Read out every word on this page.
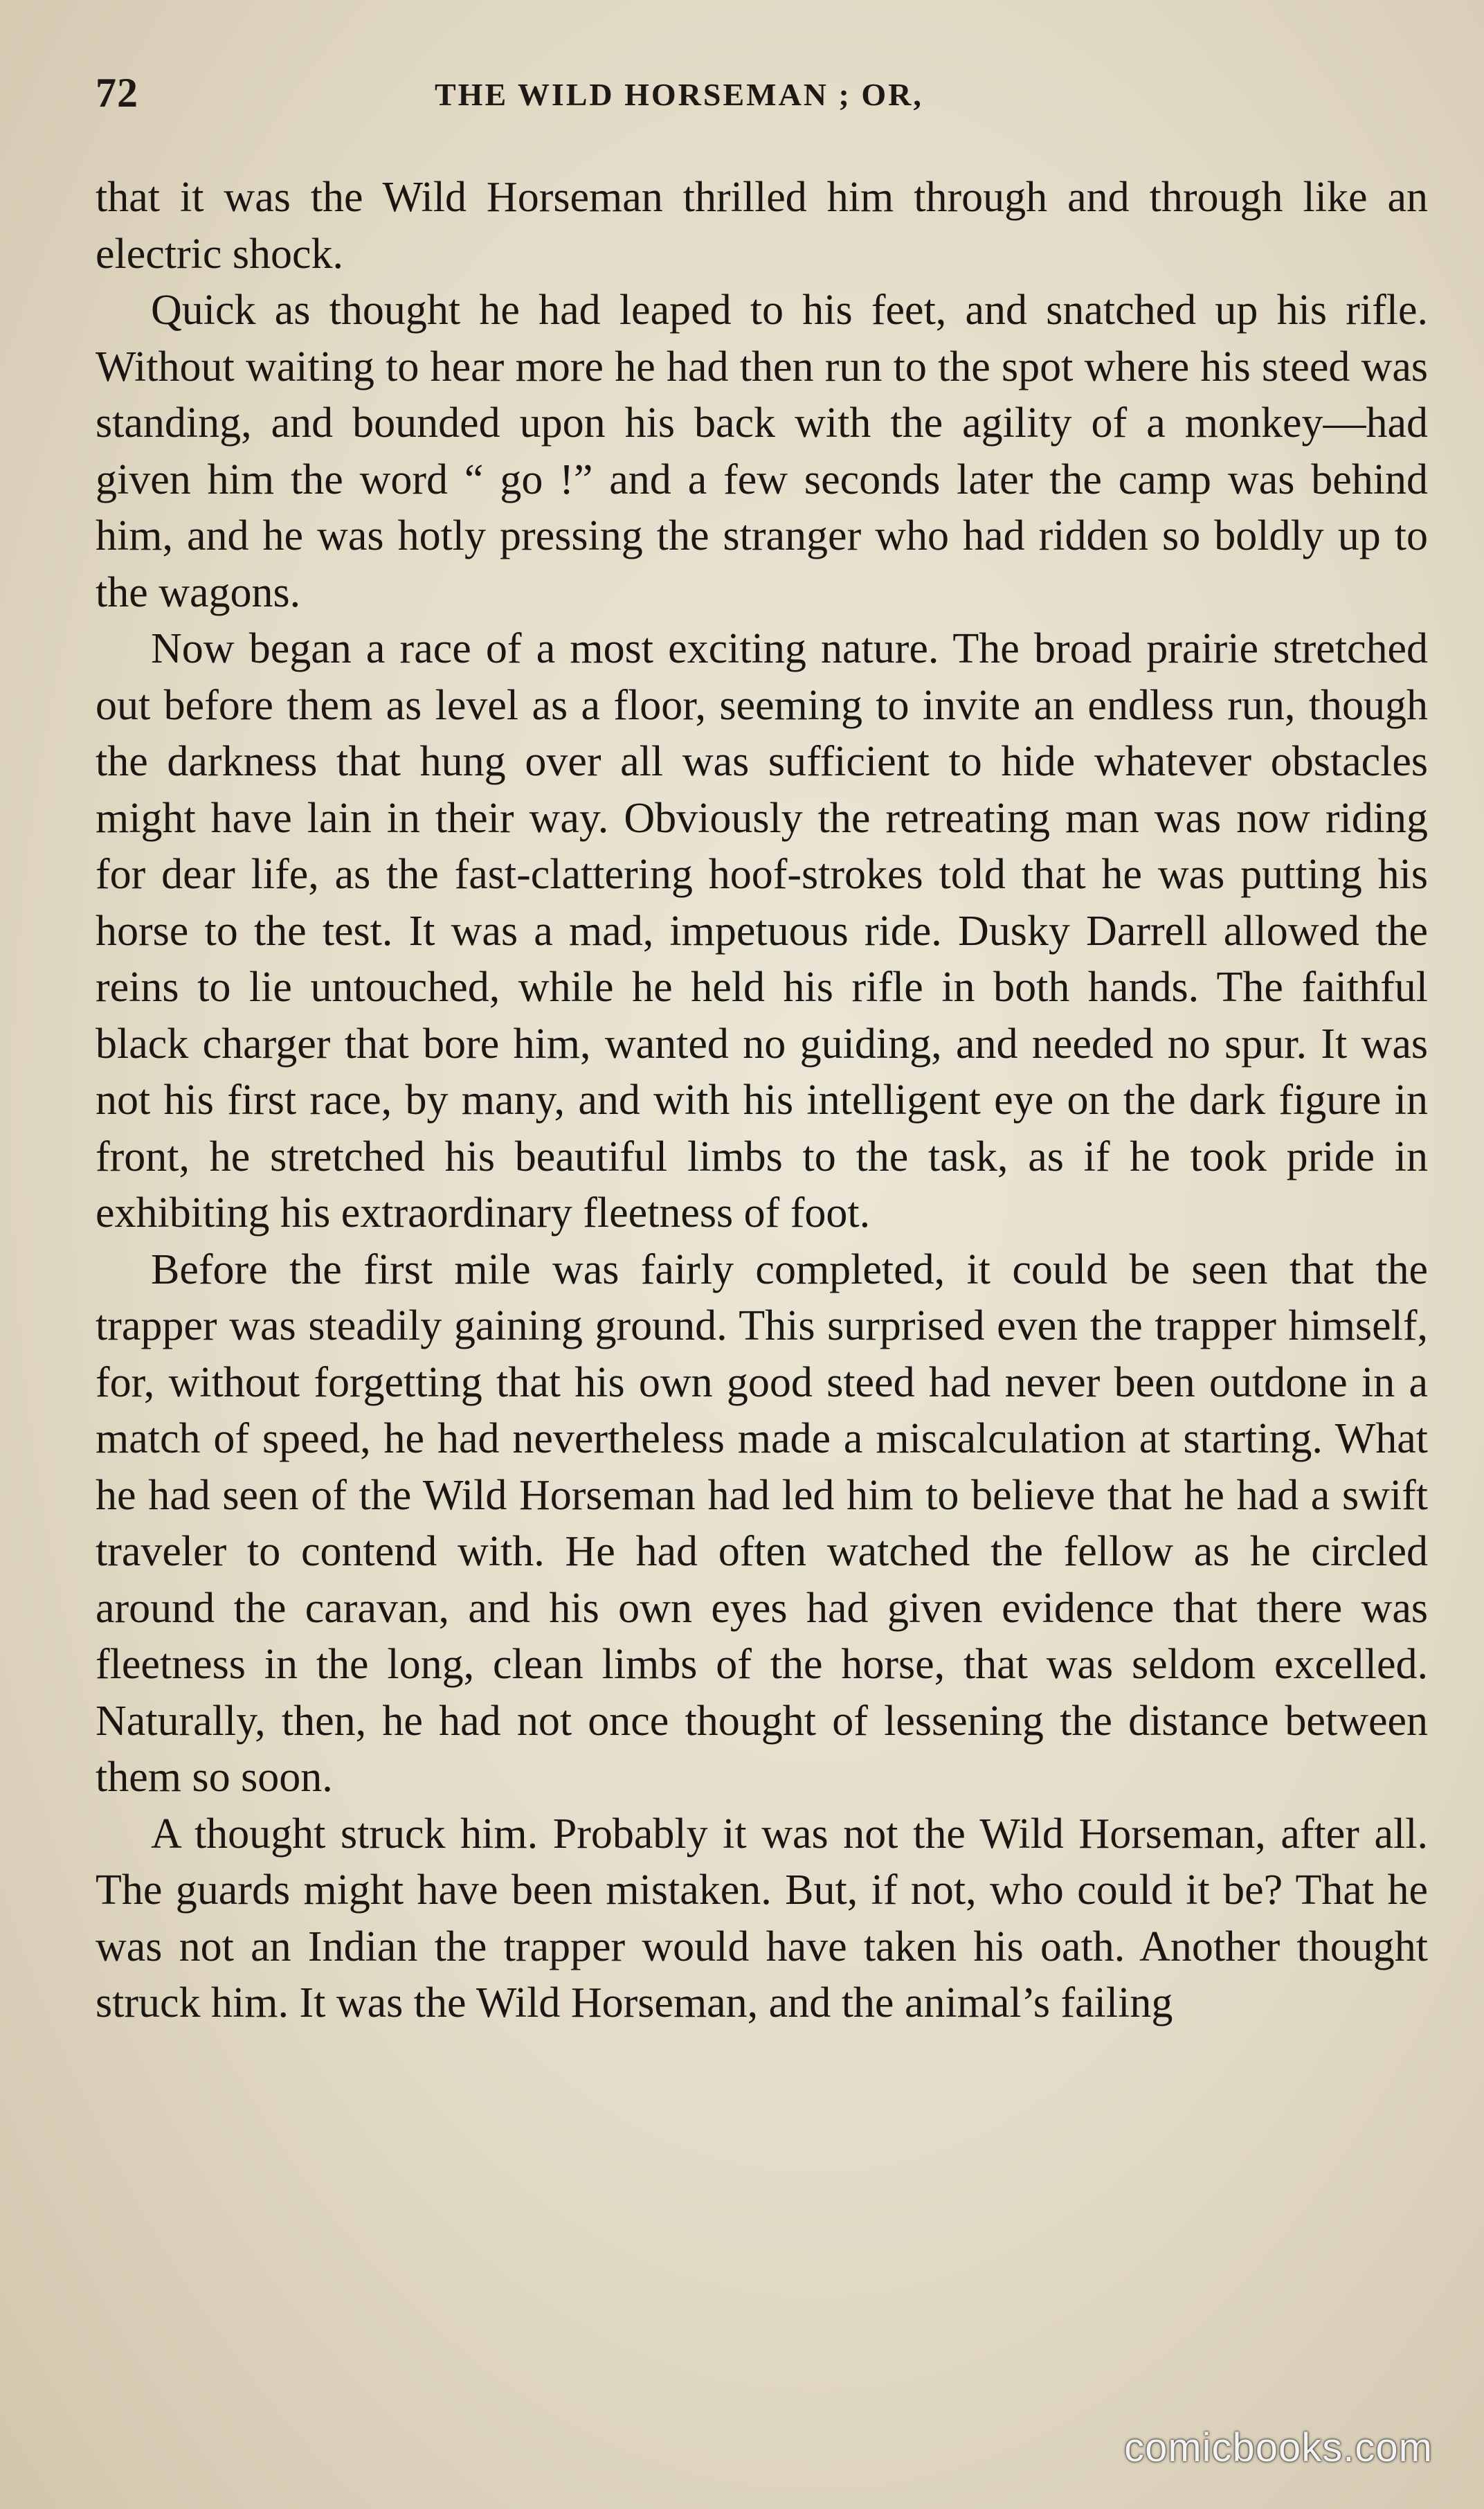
72	THE WILD HORSEMAN ; OR,

that it was the Wild Horseman thrilled him through and through like an electric shock.

Quick as thought he had leaped to his feet, and snatched up his rifle. Without waiting to hear more he had then run to the spot where his steed was standing, and bounded upon his back with the agility of a monkey—had given him the word “ go !” and a few seconds later the camp was behind him, and he was hotly pressing the stranger who had ridden so boldly up to the wagons.

Now began a race of a most exciting nature. The broad prairie stretched out before them as level as a floor, seeming to invite an endless run, though the darkness that hung over all was sufficient to hide whatever obstacles might have lain in their way. Obviously the retreating man was now riding for dear life, as the fast-clattering hoof-strokes told that he was putting his horse to the test. It was a mad, impetuous ride. Dusky Darrell allowed the reins to lie untouched, while he held his rifle in both hands. The faithful black charger that bore him, wanted no guiding, and needed no spur. It was not his first race, by many, and with his intelligent eye on the dark figure in front, he stretched his beautiful limbs to the task, as if he took pride in exhibiting his extraordinary fleetness of foot.

Before the first mile was fairly completed, it could be seen that the trapper was steadily gaining ground. This surprised even the trapper himself, for, without forgetting that his own good steed had never been outdone in a match of speed, he had nevertheless made a miscalculation at starting. What he had seen of the Wild Horseman had led him to believe that he had a swift traveler to contend with. He had often watched the fellow as he circled around the caravan, and his own eyes had given evidence that there was fleetness in the long, clean limbs of the horse, that was seldom excelled. Naturally, then, he had not once thought of lessening the distance between them so soon.

A thought struck him. Probably it was not the Wild Horseman, after all. The guards might have been mistaken. But, if not, who could it be? That he was not an Indian the trapper would have taken his oath. Another thought struck him. It was the Wild Horseman, and the animal’s failing

comicbooks.com
